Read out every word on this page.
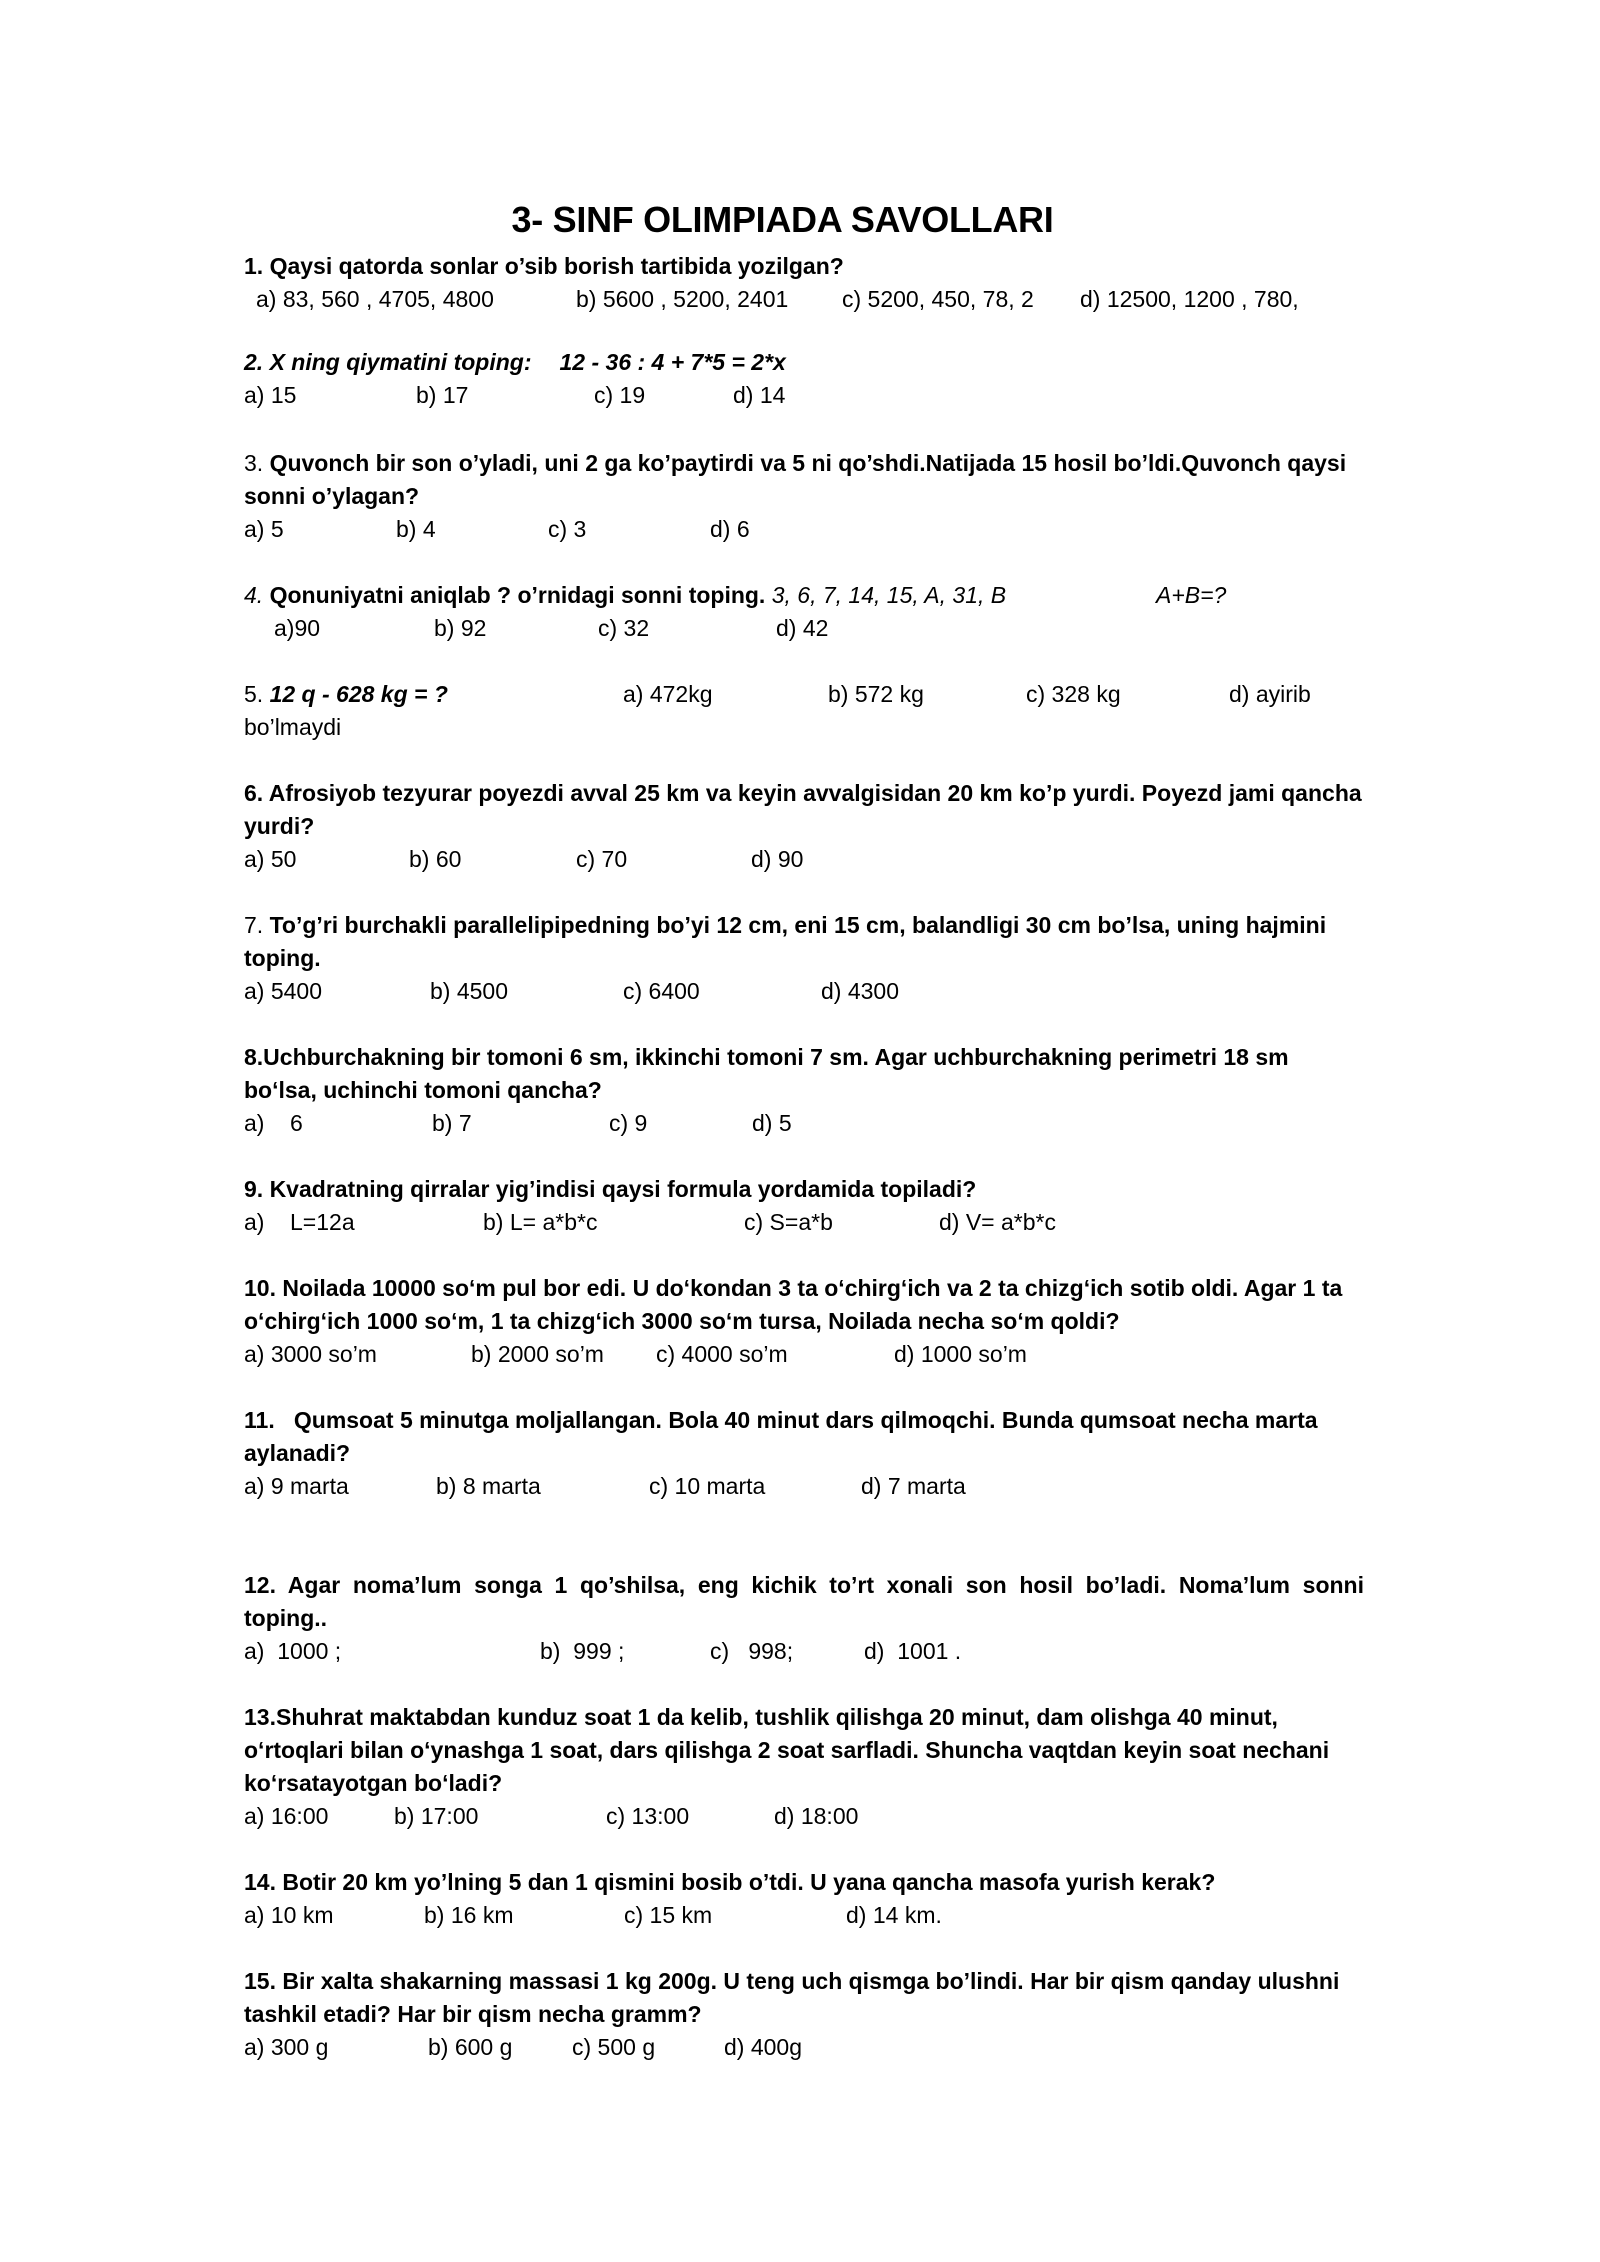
3- SINF OLIMPIADA SAVOLLARI
1. Qaysi qatorda sonlar o’sib borish tartibida yozilgan?
a) 83, 560 , 4705, 4800	b) 5600 , 5200, 2401 c) 5200, 450, 78, 2 d) 12500, 1200 , 780,
2. X ning qiymatini toping: 12 - 36 : 4 + 7*5 = 2*x
a) 15	b) 17	c) 19	d) 14
3. Quvonch bir son o’yladi, uni 2 ga ko’paytirdi va 5 ni qo’shdi.Natijada 15 hosil bo’ldi.Quvonch qaysi sonni o’ylagan?
a) 5	b) 4	c) 3	d) 6
4. Qonuniyatni aniqlab ? o’rnidagi sonni toping. 3, 6, 7, 14, 15, A, 31, B	A+B=?
a)90	b) 92	c) 32	d) 42
5. 12 q - 628 kg = ?	a) 472kg	b) 572 kg	c) 328 kg	d) ayirib
bo’lmaydi
6. Afrosiyob tezyurar poyezdi avval 25 km va keyin avvalgisidan 20 km ko’p yurdi. Poyezd jami qancha yurdi?
a) 50	b) 60	c) 70	d) 90
7. To’g’ri burchakli parallelipipedning bo’yi 12 cm, eni 15 cm, balandligi 30 cm bo’lsa, uning hajmini toping.
a) 5400	b) 4500	c) 6400	d) 4300
8.Uchburchakning bir tomoni 6 sm, ikkinchi tomoni 7 sm. Agar uchburchakning perimetri 18 sm bo‘lsa, uchinchi tomoni qancha?
a)    6	b) 7	c) 9	d) 5
9. Kvadratning qirralar yig’indisi qaysi formula yordamida topiladi?
a)    L=12a	b) L= a*b*c	c) S=a*b	d) V= a*b*c
10. Noilada 10000 so‘m pul bor edi. U do‘kondan 3 ta o‘chirg‘ich va 2 ta chizg‘ich sotib oldi. Agar 1 ta o‘chirg‘ich 1000 so‘m, 1 ta chizg‘ich 3000 so‘m tursa, Noilada necha so‘m qoldi?
a) 3000 so’m	b) 2000 so’m c) 4000 so’m	d) 1000 so’m
11.   Qumsoat 5 minutga moljallangan. Bola 40 minut dars qilmoqchi. Bunda qumsoat necha marta aylanadi?
a) 9 marta	b) 8 marta	c) 10 marta	d) 7 marta
12. Agar noma’lum songa 1 qo’shilsa, eng kichik to’rt xonali son hosil bo’ladi. Noma’lum sonni toping..
a)  1000 ;	b)  999 ;	c)   998;	d)  1001 .
13.Shuhrat maktabdan kunduz soat 1 da kelib, tushlik qilishga 20 minut, dam olishga 40 minut, o‘rtoqlari bilan o‘ynashga 1 soat, dars qilishga 2 soat sarfladi. Shuncha vaqtdan keyin soat nechani ko‘rsatayotgan bo‘ladi?
a) 16:00	b) 17:00	c) 13:00	d) 18:00
14. Botir 20 km yo’lning 5 dan 1 qismini bosib o’tdi. U yana qancha masofa yurish kerak?
a) 10 km	b) 16 km	c) 15 km	d) 14 km.
15. Bir xalta shakarning massasi 1 kg 200g. U teng uch qismga bo’lindi. Har bir qism qanday ulushni tashkil etadi? Har bir qism necha gramm?
a) 300 g	b) 600 g	c) 500 g	d) 400g
